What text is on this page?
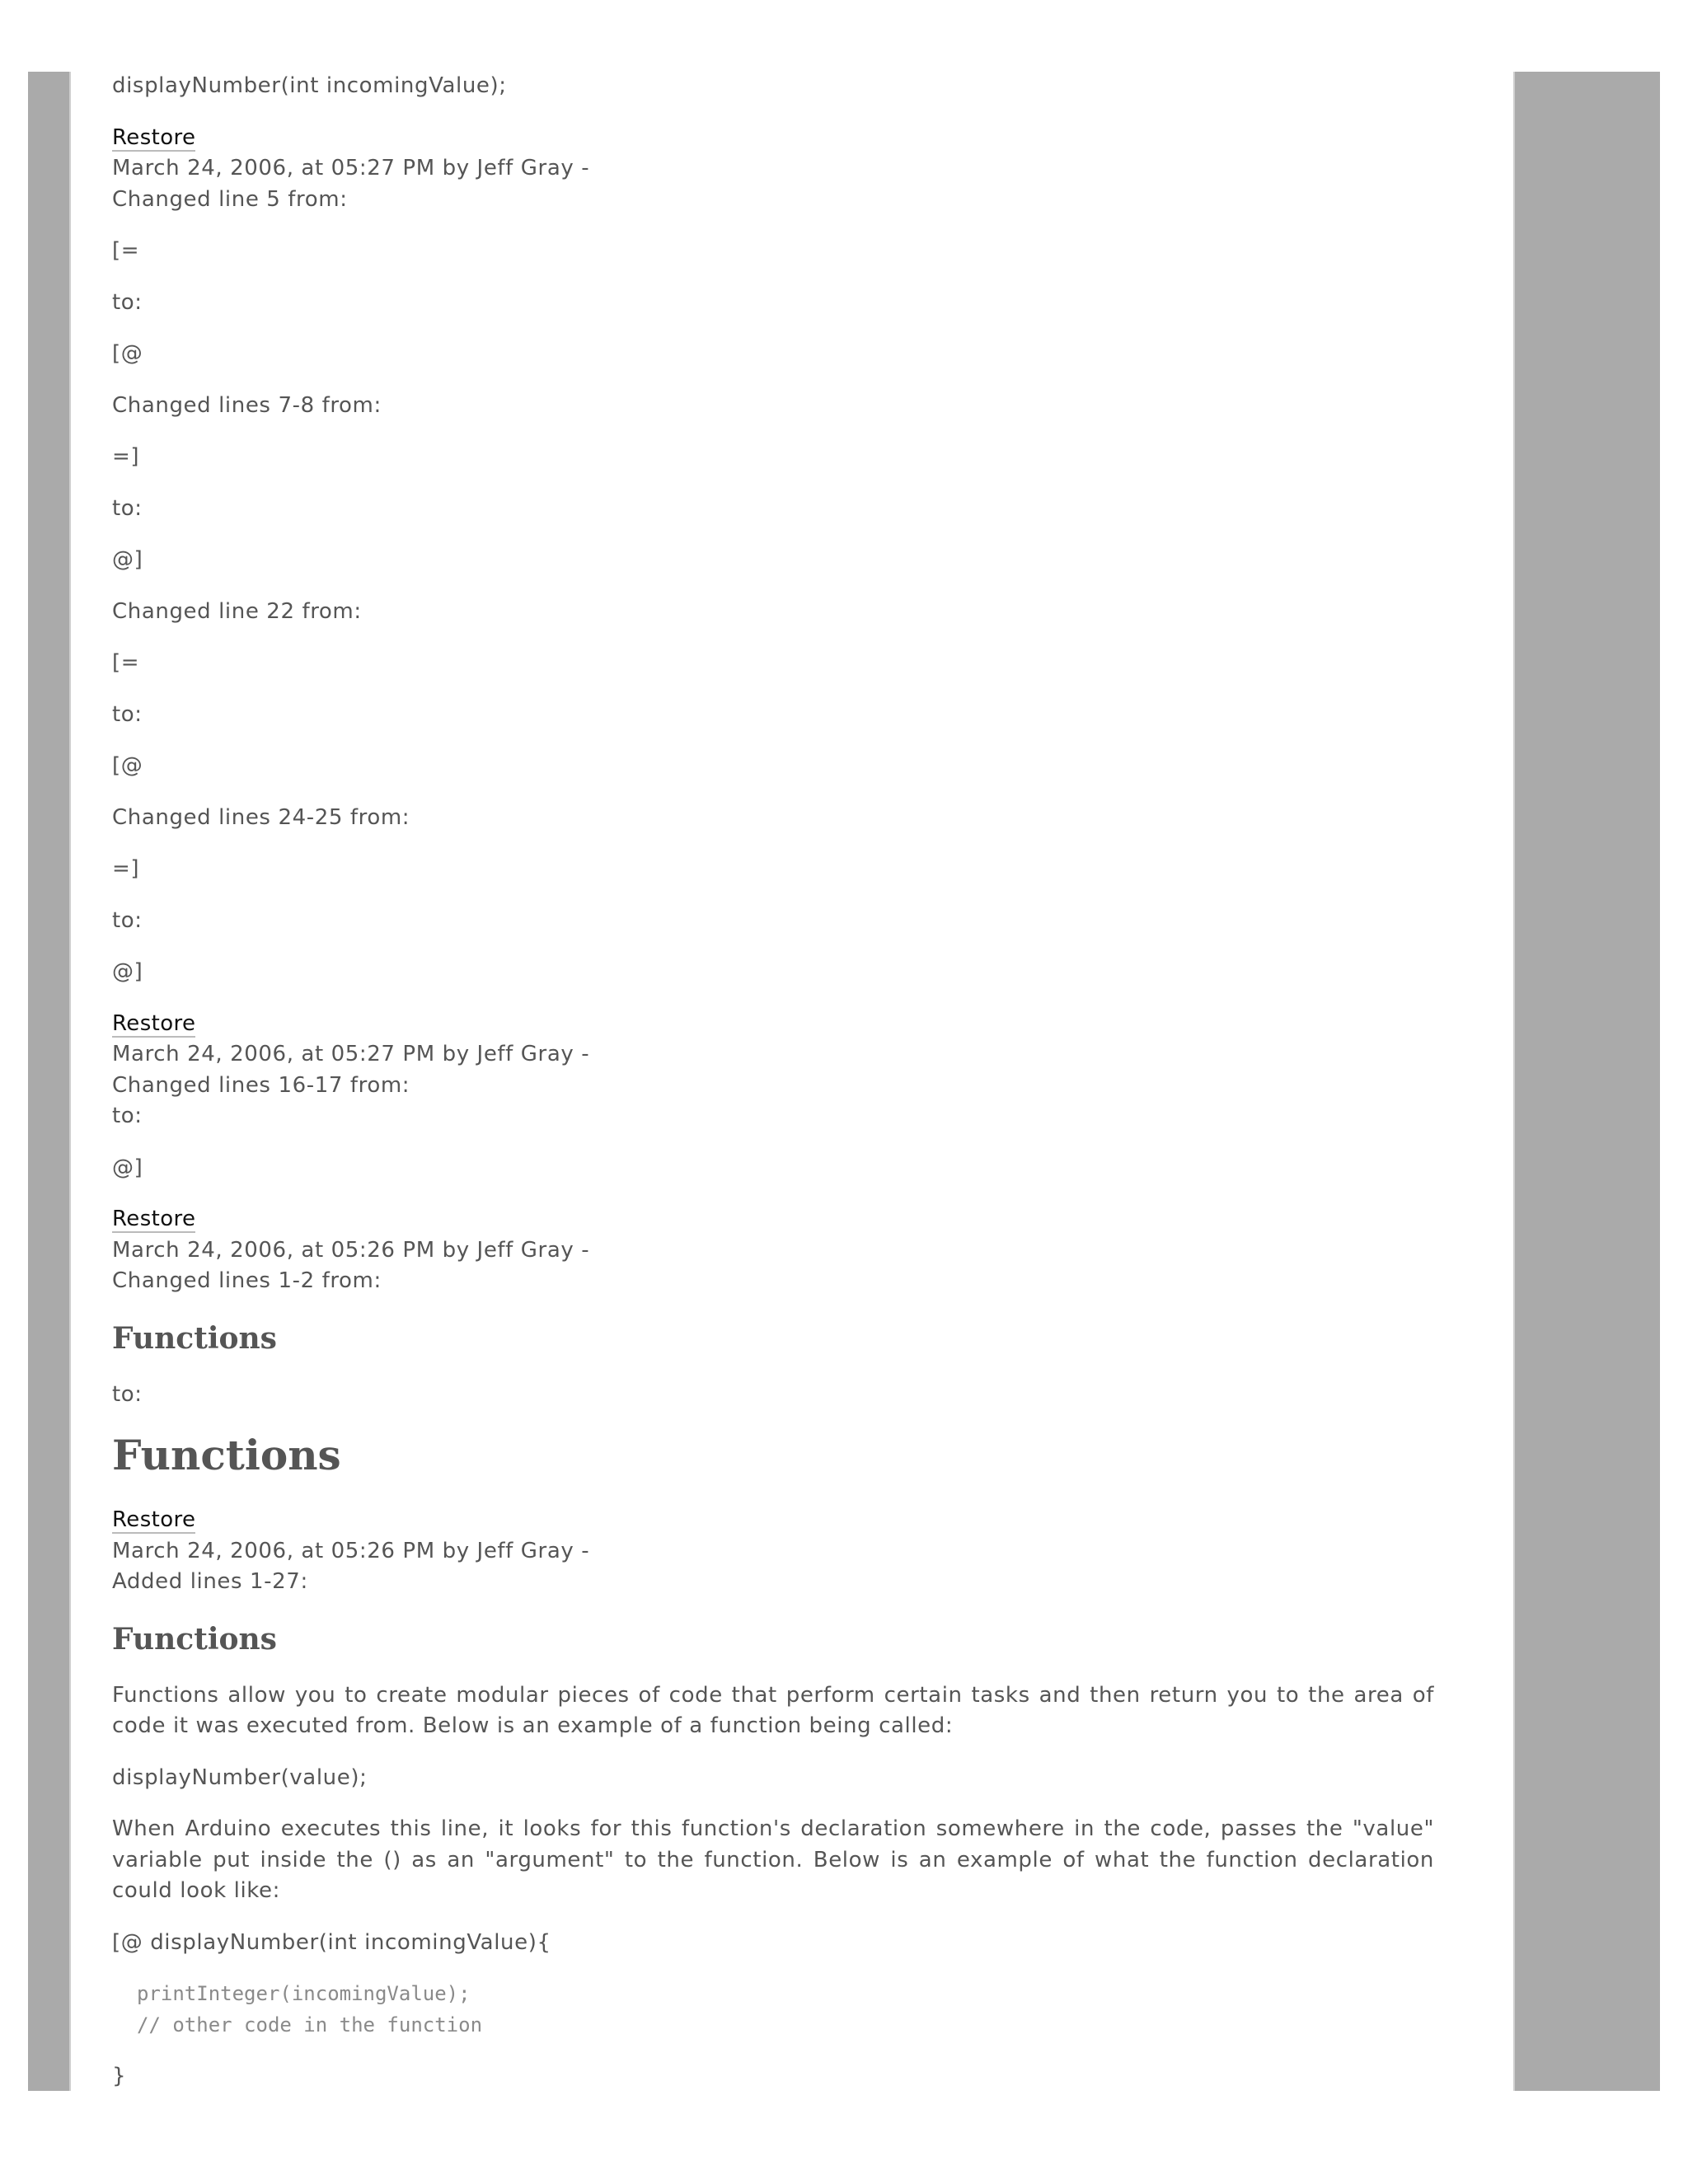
displayNumber(int incomingValue);

Restore

March 24, 2006, at 05:27 PM by Jeff Gray -

Changed line 5 from:

[=

to:

[@

Changed lines 7-8 from:

=]

to:

@]

Changed line 22 from:

[=

to:

[@

Changed lines 24-25 from:

=]

to:

@]

Restore

March 24, 2006, at 05:27 PM by Jeff Gray -

Changed lines 16-17 from:

to:

@]

Restore

March 24, 2006, at 05:26 PM by Jeff Gray -

Changed lines 1-2 from:

Functions

to:

Functions

Restore

March 24, 2006, at 05:26 PM by Jeff Gray -

Added lines 1-27:

Functions

Functions allow you to create modular pieces of code that perform certain tasks and then return you to the area of code it was executed from. Below is an example of a function being called:

displayNumber(value);

When Arduino executes this line, it looks for this function's declaration somewhere in the code, passes the "value" variable put inside the () as an "argument" to the function. Below is an example of what the function declaration could look like:

[@ displayNumber(int incomingValue){

printInteger(incomingValue);
// other code in the function

}
